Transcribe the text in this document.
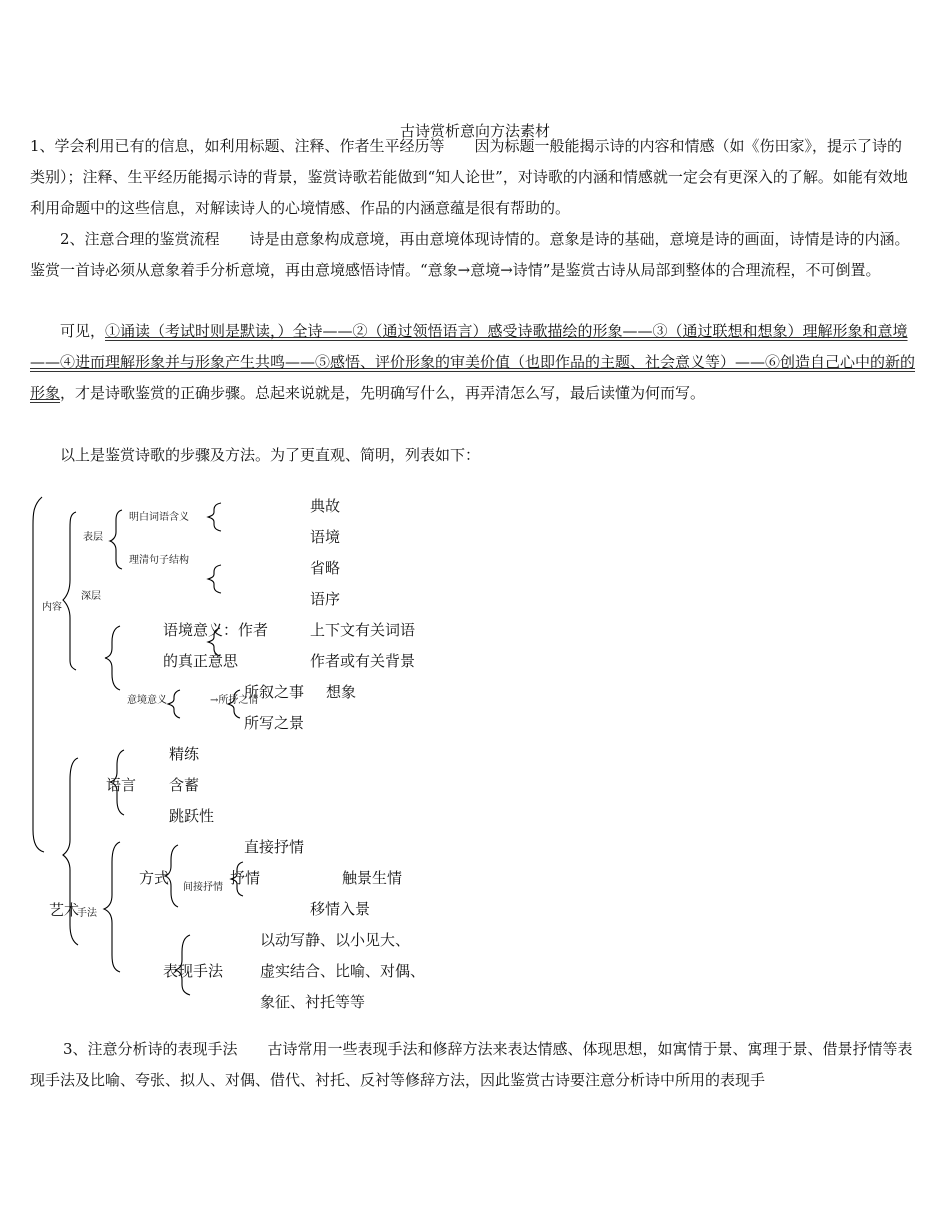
古诗赏析意向方法素材

1、学会利用已有的信息，如利用标题、注释、作者生平经历等　　因为标题一般能揭示诗的内容和情感（如《伤田家》，提示了诗的类别）；注释、生平经历能揭示诗的背景，鉴赏诗歌若能做到“知人论世”，对诗歌的内涵和情感就一定会有更深入的了解。如能有效地利用命题中的这些信息，对解读诗人的心境情感、作品的内涵意蕴是很有帮助的。

2、注意合理的鉴赏流程　　诗是由意象构成意境，再由意境体现诗情的。意象是诗的基础，意境是诗的画面，诗情是诗的内涵。鉴赏一首诗必须从意象着手分析意境，再由意境感悟诗情。“意象→意境→诗情”是鉴赏古诗从局部到整体的合理流程，不可倒置。

可见，①诵读（考试时则是默读，）全诗——②（通过领悟语言）感受诗歌描绘的形象——③（通过联想和想象）理解形象和意境——④进而理解形象并与形象产生共鸣——⑤感悟、评价形象的审美价值（也即作品的主题、社会意义等）——⑥创造自己心中的新的形象，才是诗歌鉴赏的正确步骤。总起来说就是，先明确写什么，再弄清怎么写，最后读懂为何而写。

以上是鉴赏诗歌的步骤及方法。为了更直观、简明，列表如下：

内容
表层
深层
明白词语含义
理清句子结构
典故
语境
省略
语序
语境意义：作者
的真正意思
上下文有关词语
作者或有关背景
意境意义	→所抒之情
所叙之事 想象
所写之景
精练
语言 含蓄
跳跃性
直接抒情
方式
间接抒情
抒情	触景生情
移情入景
艺术
手法
表现手法
以动写静、以小见大、
虚实结合、比喻、对偶、
象征、衬托等等

3、注意分析诗的表现手法　　古诗常用一些表现手法和修辞方法来表达情感、体现思想，如寓情于景、寓理于景、借景抒情等表现手法及比喻、夸张、拟人、对偶、借代、衬托、反衬等修辞方法，因此鉴赏古诗要注意分析诗中所用的表现手
